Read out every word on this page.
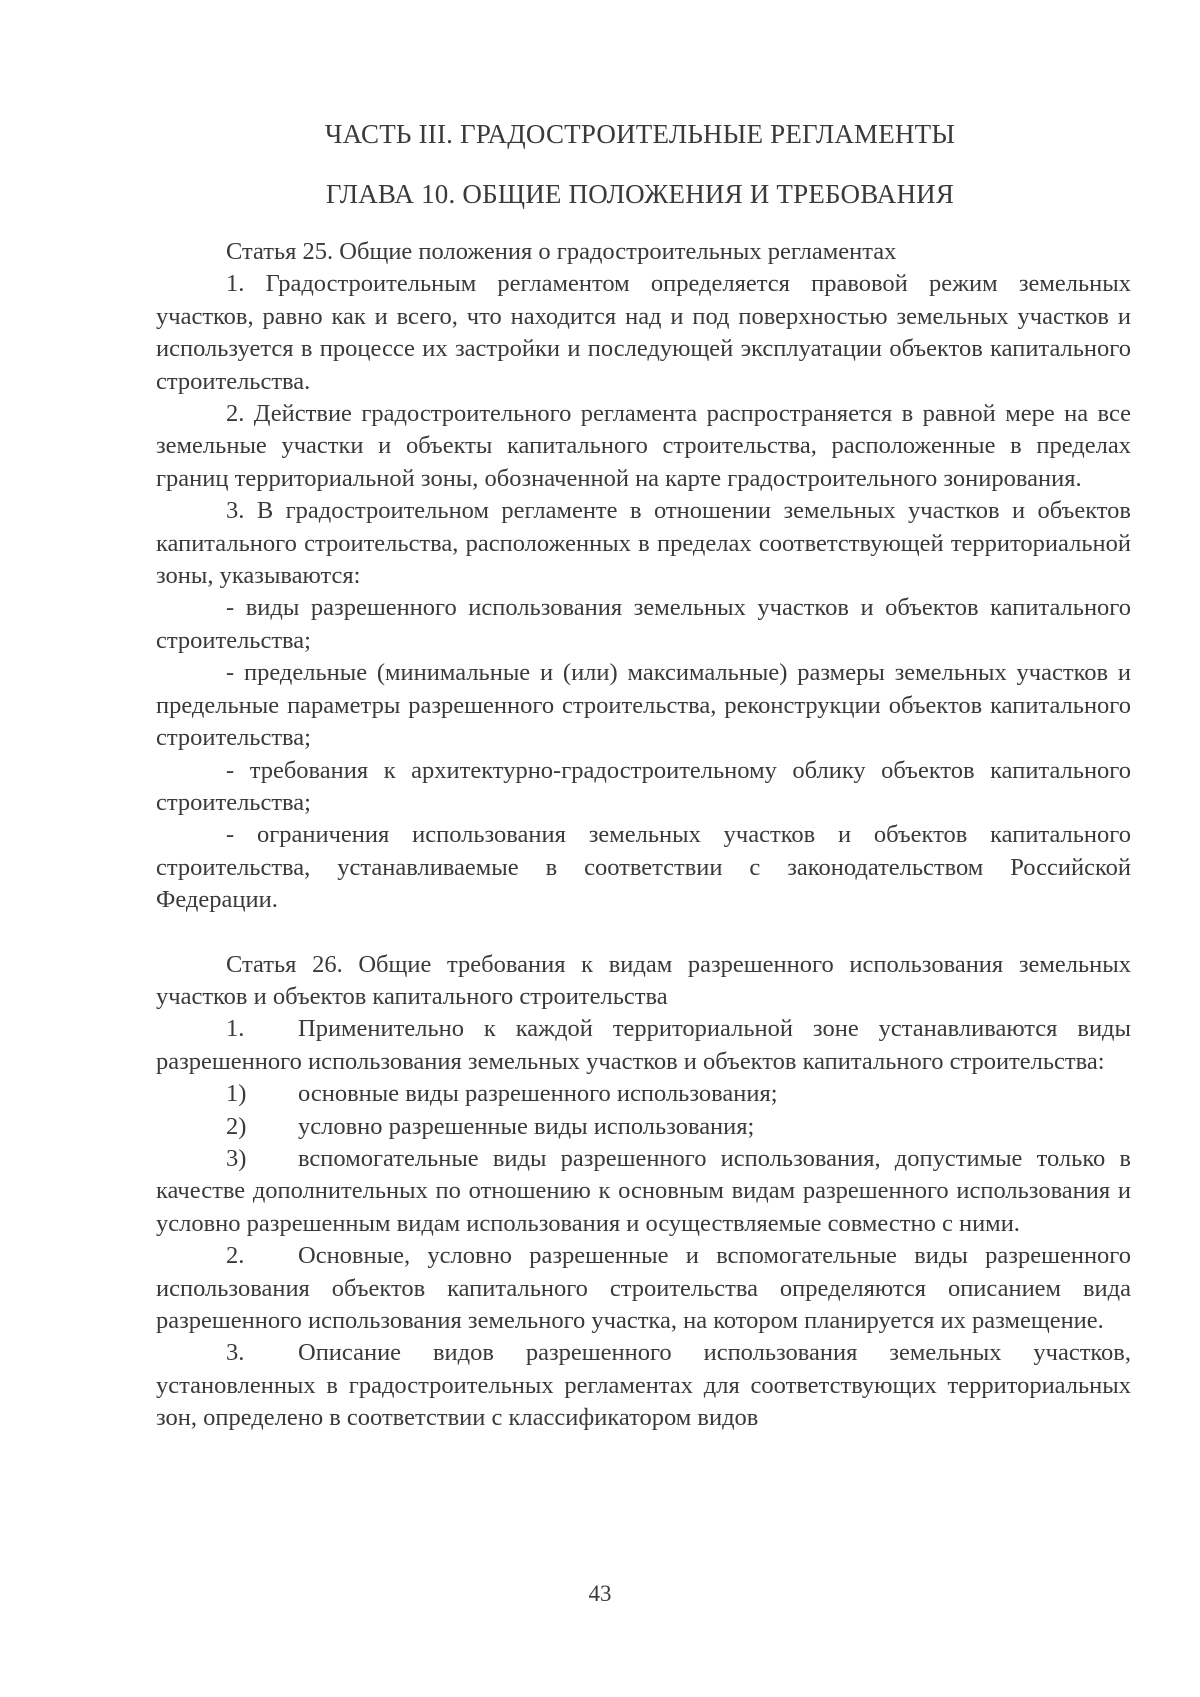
ЧАСТЬ III. ГРАДОСТРОИТЕЛЬНЫЕ РЕГЛАМЕНТЫ
ГЛАВА 10. ОБЩИЕ ПОЛОЖЕНИЯ И ТРЕБОВАНИЯ

Статья 25. Общие положения о градостроительных регламентах

1. Градостроительным регламентом определяется правовой режим земельных участков, равно как и всего, что находится над и под поверхностью земельных участков и используется в процессе их застройки и последующей эксплуатации объектов капитального строительства.

2. Действие градостроительного регламента распространяется в равной мере на все земельные участки и объекты капитального строительства, расположенные в пределах границ территориальной зоны, обозначенной на карте градостроительного зонирования.

3. В градостроительном регламенте в отношении земельных участков и объектов капитального строительства, расположенных в пределах соответствующей территориальной зоны, указываются:

- виды разрешенного использования земельных участков и объектов капитального строительства;

- предельные (минимальные и (или) максимальные) размеры земельных участков и предельные параметры разрешенного строительства, реконструкции объектов капитального строительства;

- требования к архитектурно-градостроительному облику объектов капитального строительства;

- ограничения использования земельных участков и объектов капитального строительства, устанавливаемые в соответствии с законодательством Российской Федерации.

Статья 26. Общие требования к видам разрешенного использования земельных участков и объектов капитального строительства

1. Применительно к каждой территориальной зоне устанавливаются виды разрешенного использования земельных участков и объектов капитального строительства:

1) основные виды разрешенного использования;

2) условно разрешенные виды использования;

3) вспомогательные виды разрешенного использования, допустимые только в качестве дополнительных по отношению к основным видам разрешенного использования и условно разрешенным видам использования и осуществляемые совместно с ними.

2. Основные, условно разрешенные и вспомогательные виды разрешенного использования объектов капитального строительства определяются описанием вида разрешенного использования земельного участка, на котором планируется их размещение.

3. Описание видов разрешенного использования земельных участков, установленных в градостроительных регламентах для соответствующих территориальных зон, определено в соответствии с классификатором видов

43
